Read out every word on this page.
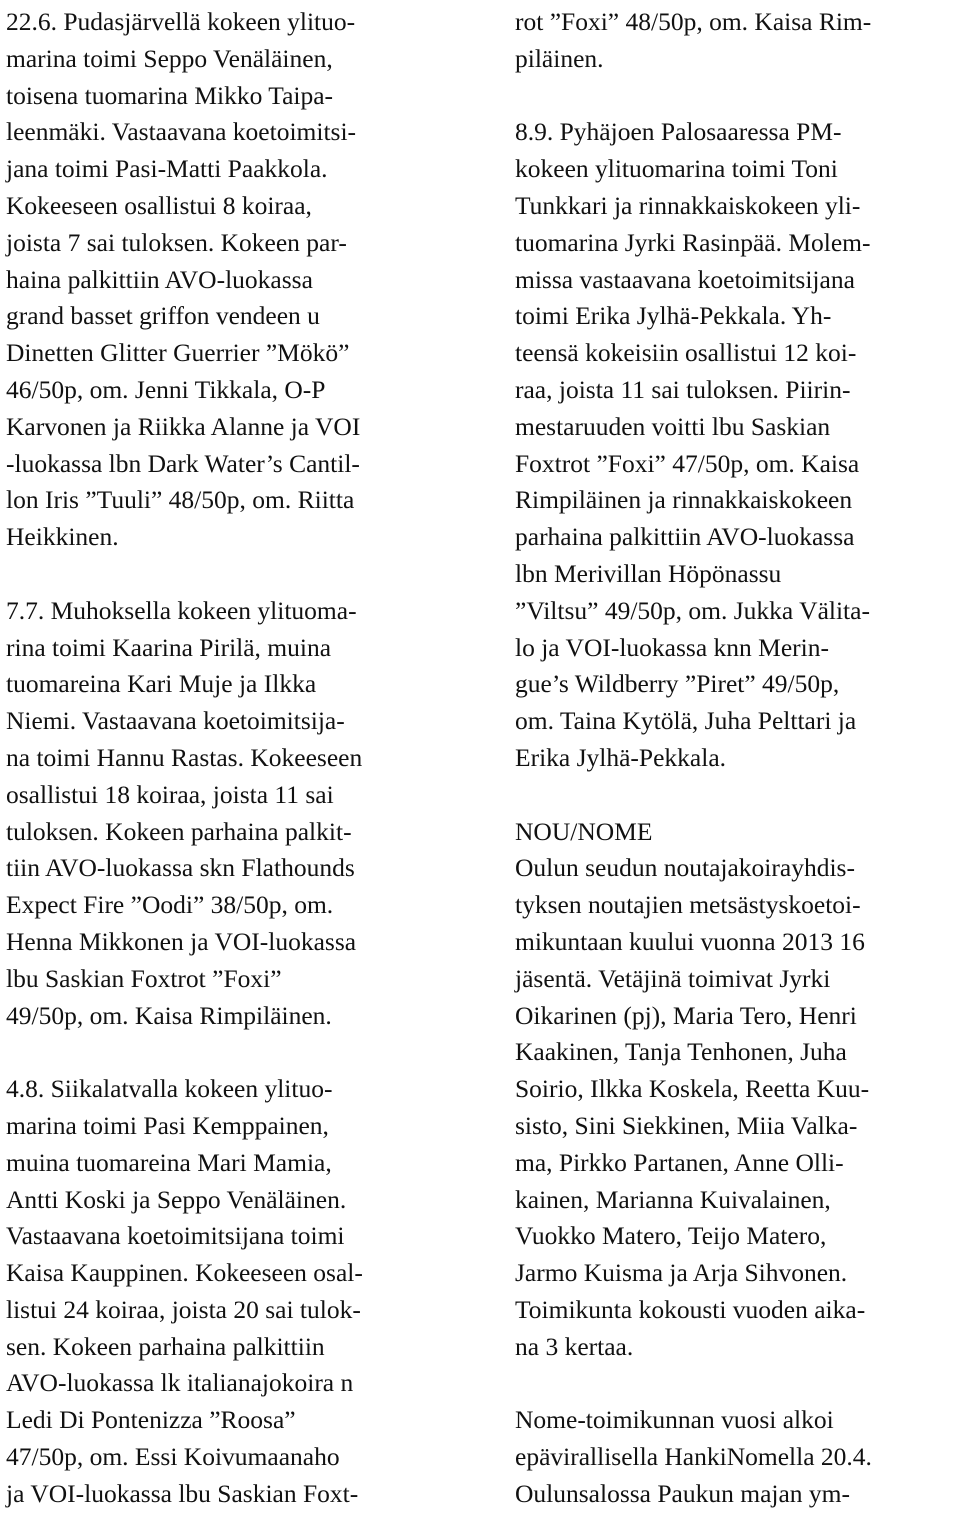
22.6. Pudasjärvellä kokeen ylituo-
marina toimi Seppo Venäläinen,
toisena tuomarina Mikko Taipa-
leenmäki. Vastaavana koetoimitsi-
jana toimi Pasi-Matti Paakkola.
Kokeeseen osallistui 8 koiraa,
joista 7 sai tuloksen. Kokeen par-
haina palkittiin AVO-luokassa
grand basset griffon vendeen u
Dinetten Glitter Guerrier ”Mökö”
46/50p, om. Jenni Tikkala, O-P
Karvonen ja Riikka Alanne ja VOI
-luokassa lbn Dark Water’s Cantil-
lon Iris ”Tuuli” 48/50p, om. Riitta
Heikkinen.
7.7. Muhoksella kokeen ylituoma-
rina toimi Kaarina Pirilä, muina
tuomareina Kari Muje ja Ilkka
Niemi. Vastaavana koetoimitsija-
na toimi Hannu Rastas. Kokeeseen
osallistui 18 koiraa, joista 11 sai
tuloksen. Kokeen parhaina palkit-
tiin AVO-luokassa skn Flathounds
Expect Fire ”Oodi” 38/50p, om.
Henna Mikkonen ja VOI-luokassa
lbu Saskian Foxtrot ”Foxi”
49/50p, om. Kaisa Rimpiläinen.
4.8. Siikalatvalla kokeen ylituo-
marina toimi Pasi Kemppainen,
muina tuomareina Mari Mamia,
Antti Koski ja Seppo Venäläinen.
Vastaavana koetoimitsijana toimi
Kaisa Kauppinen. Kokeeseen osal-
listui 24 koiraa, joista 20 sai tulok-
sen. Kokeen parhaina palkittiin
AVO-luokassa lk italianajokoira n
Ledi Di Pontenizza ”Roosa”
47/50p, om. Essi Koivumaanaho
ja VOI-luokassa lbu Saskian Foxt-
rot ”Foxi” 48/50p, om. Kaisa Rim-
piläinen.
8.9. Pyhäjoen Palosaaressa PM-
kokeen ylituomarina toimi Toni
Tunkkari ja rinnakkaiskokeen yli-
tuomarina Jyrki Rasinpää. Molem-
missa vastaavana koetoimitsijana
toimi Erika Jylhä-Pekkala. Yh-
teensä kokeisiin osallistui 12 koi-
raa, joista 11 sai tuloksen. Piirin-
mestaruuden voitti lbu Saskian
Foxtrot ”Foxi” 47/50p, om. Kaisa
Rimpiläinen ja rinnakkaiskokeen
parhaina palkittiin AVO-luokassa
lbn Merivillan Höpönassu
”Viltsu” 49/50p, om. Jukka Välita-
lo ja VOI-luokassa knn Merin-
gue’s Wildberry ”Piret” 49/50p,
om. Taina Kytölä, Juha Pelttari ja
Erika Jylhä-Pekkala.
NOU/NOME
Oulun seudun noutajakoirayhdis-
tyksen noutajien metsästyskoetoi-
mikuntaan kuului vuonna 2013 16
jäsentä. Vetäjinä toimivat Jyrki
Oikarinen (pj), Maria Tero, Henri
Kaakinen, Tanja Tenhonen, Juha
Soirio, Ilkka Koskela, Reetta Kuu-
sisto, Sini Siekkinen, Miia Valka-
ma, Pirkko Partanen, Anne Olli-
kainen, Marianna Kuivalainen,
Vuokko Matero, Teijo Matero,
Jarmo Kuisma ja Arja Sihvonen.
Toimikunta kokousti vuoden aika-
na 3 kertaa.
Nome-toimikunnan vuosi alkoi
epävirallisella HankiNomella 20.4.
Oulunsalossa Paukun majan ym-
